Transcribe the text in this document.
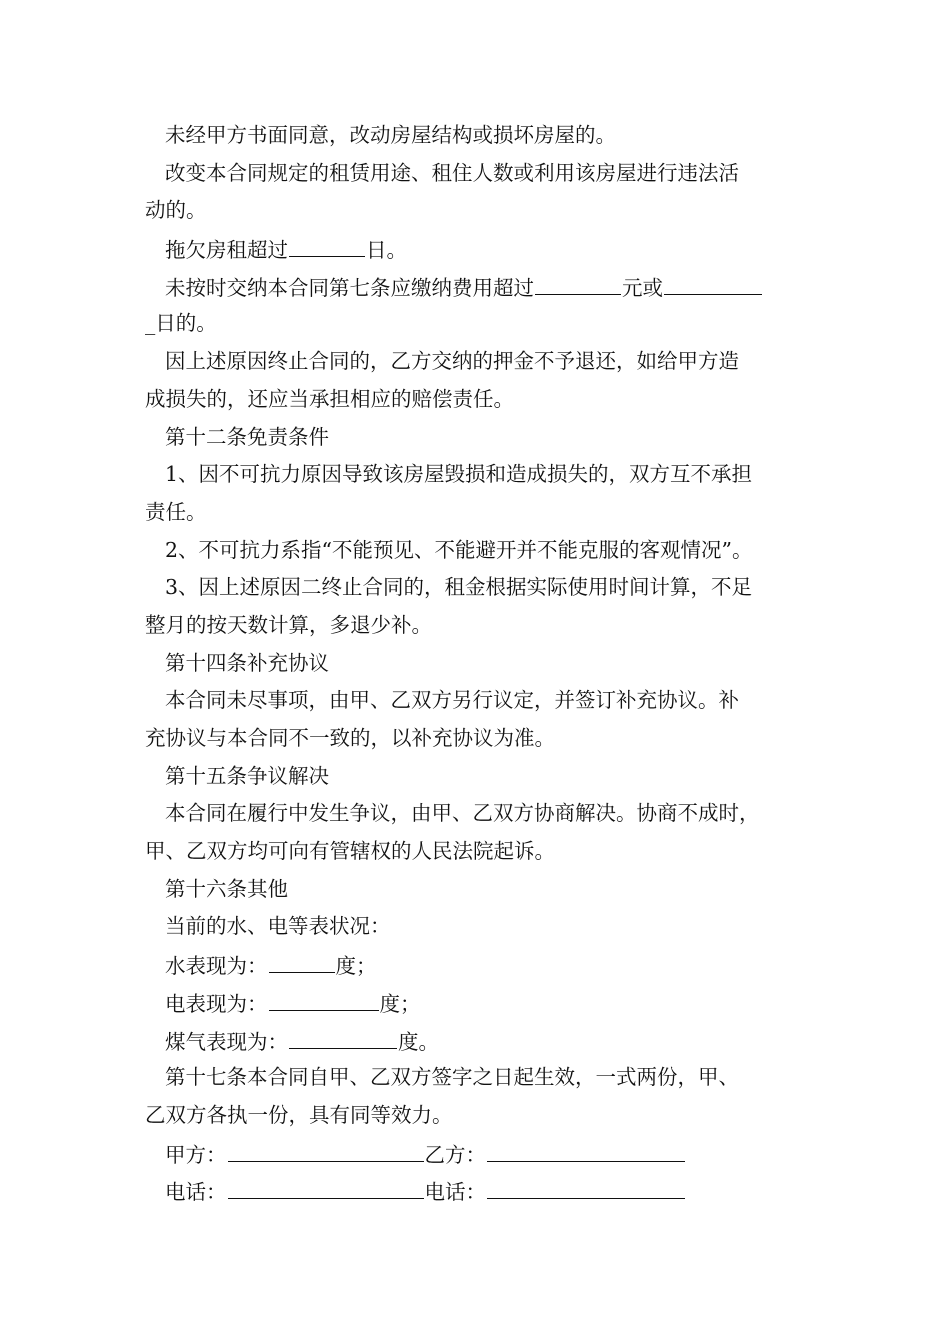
未经甲方书面同意，改动房屋结构或损坏房屋的。
改变本合同规定的租赁用途、租住人数或利用该房屋进行违法活
动的。
拖欠房租超过	日。
未按时交纳本合同第七条应缴纳费用超过	元或
_日的。
因上述原因终止合同的，乙方交纳的押金不予退还，如给甲方造
成损失的，还应当承担相应的赔偿责任。
第十二条免责条件
1、因不可抗力原因导致该房屋毁损和造成损失的，双方互不承担
责任。
2、不可抗力系指“不能预见、不能避开并不能克服的客观情况”。
3、因上述原因二终止合同的，租金根据实际使用时间计算，不足
整月的按天数计算，多退少补。
第十四条补充协议
本合同未尽事项，由甲、乙双方另行议定，并签订补充协议。补
充协议与本合同不一致的，以补充协议为准。
第十五条争议解决
本合同在履行中发生争议，由甲、乙双方协商解决。协商不成时，
甲、乙双方均可向有管辖权的人民法院起诉。
第十六条其他
当前的水、电等表状况：
水表现为：	度；
电表现为：	度；
煤气表现为：	度。
第十七条本合同自甲、乙双方签字之日起生效，一式两份，甲、
乙双方各执一份，具有同等效力。
甲方：	乙方：
电话：	电话：
